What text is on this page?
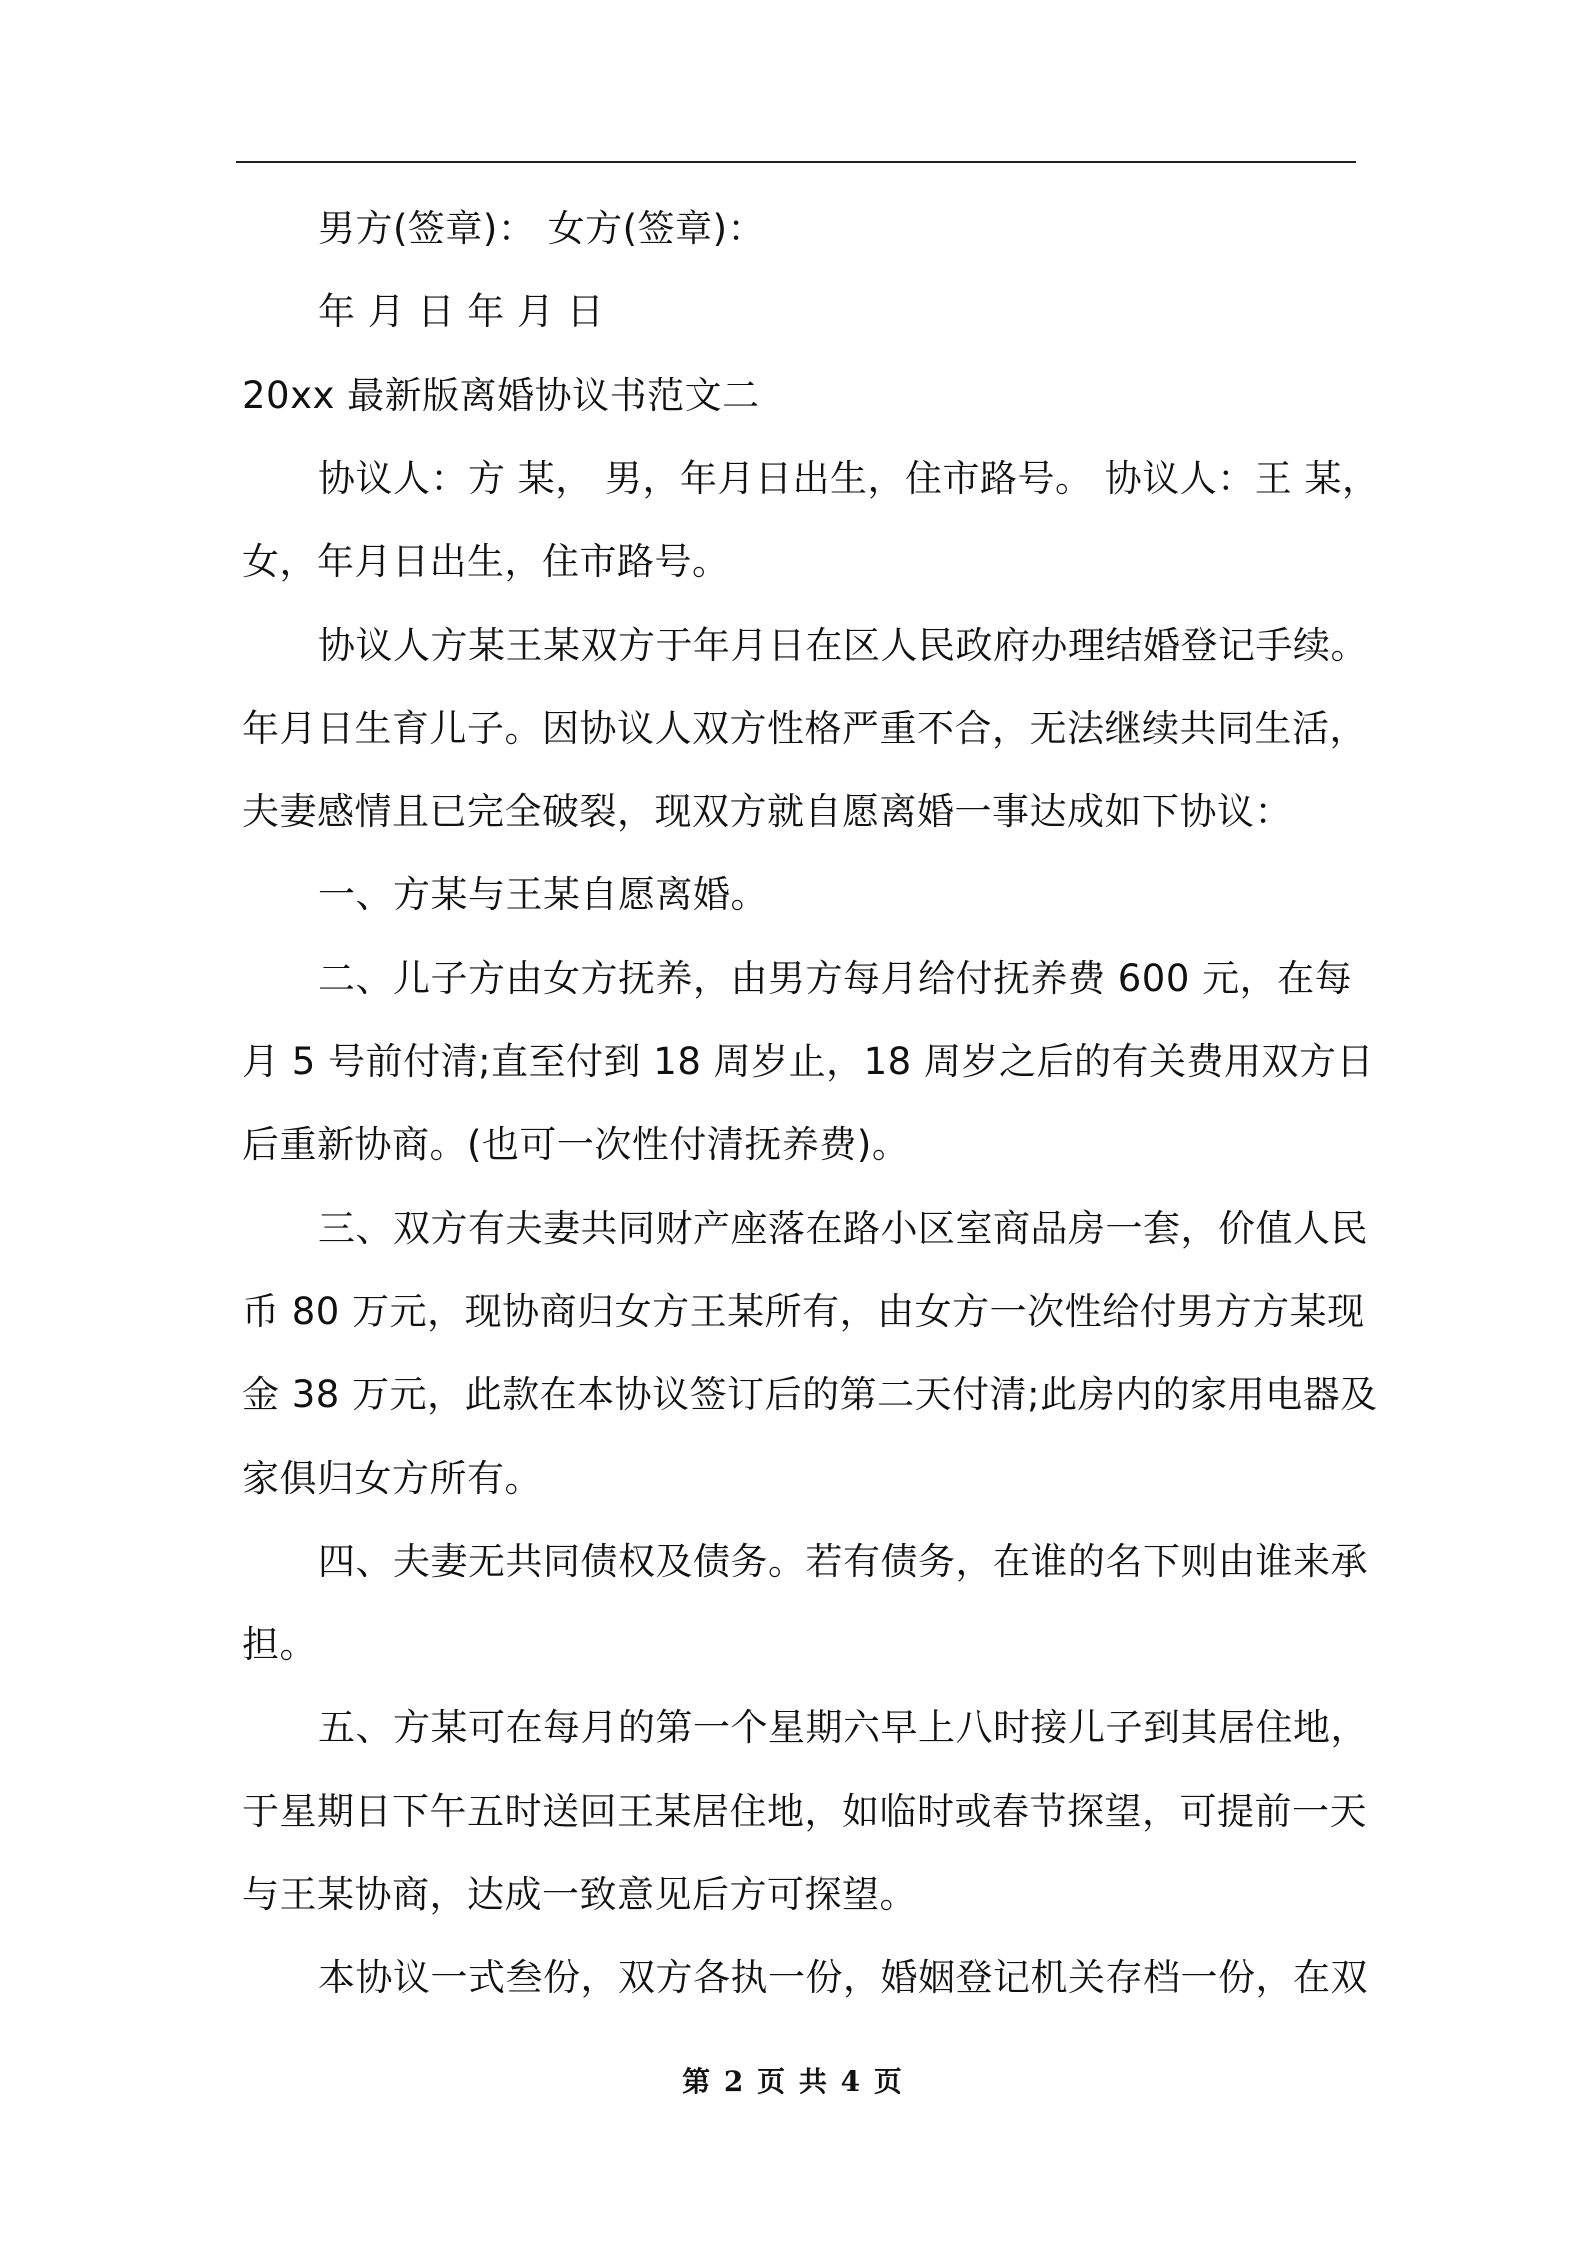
男方(签章)： 女方(签章)：

年 月 日 年 月 日

20xx 最新版离婚协议书范文二

协议人：方 某， 男，年月日出生，住市路号。 协议人：王 某，

女，年月日出生，住市路号。

协议人方某王某双方于年月日在区人民政府办理结婚登记手续。

年月日生育儿子。因协议人双方性格严重不合，无法继续共同生活，

夫妻感情且已完全破裂，现双方就自愿离婚一事达成如下协议：

一、方某与王某自愿离婚。

二、儿子方由女方抚养，由男方每月给付抚养费 600 元，在每

月 5 号前付清;直至付到 18 周岁止，18 周岁之后的有关费用双方日

后重新协商。(也可一次性付清抚养费)。

三、双方有夫妻共同财产座落在路小区室商品房一套，价值人民

币 80 万元，现协商归女方王某所有，由女方一次性给付男方方某现

金 38 万元，此款在本协议签订后的第二天付清;此房内的家用电器及

家俱归女方所有。

四、夫妻无共同债权及债务。若有债务，在谁的名下则由谁来承

担。

五、方某可在每月的第一个星期六早上八时接儿子到其居住地，

于星期日下午五时送回王某居住地，如临时或春节探望，可提前一天

与王某协商，达成一致意见后方可探望。

本协议一式叁份，双方各执一份，婚姻登记机关存档一份，在双

第 2 页 共 4 页
